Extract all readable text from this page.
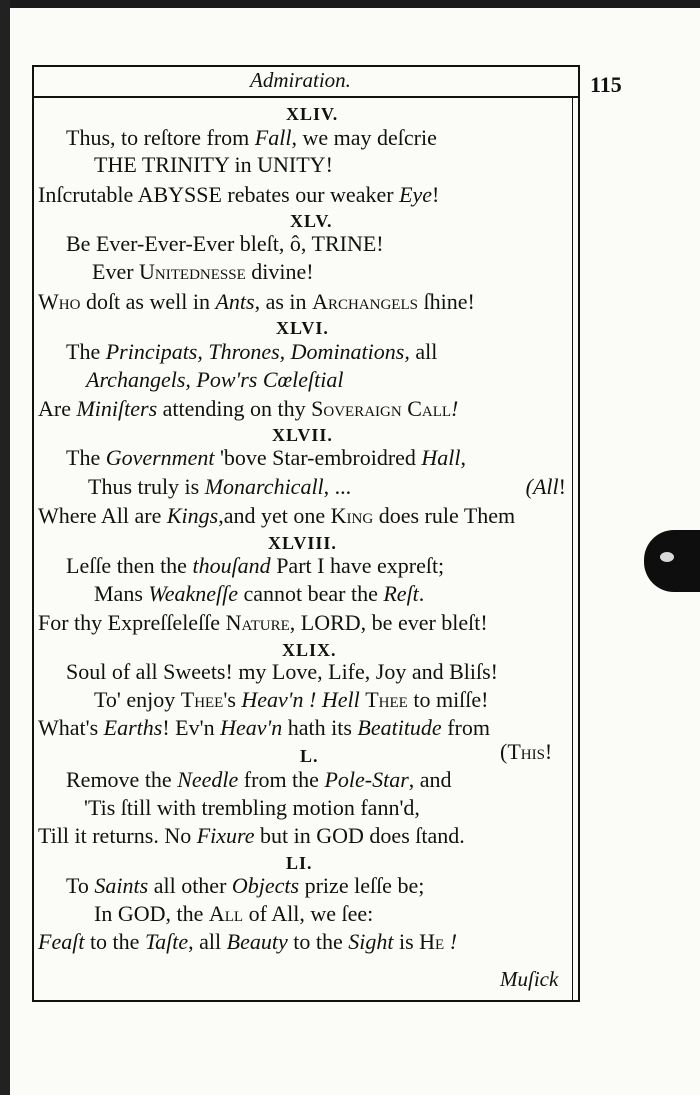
Admiration.	115
XLIV.
Thus, to reſtore from Fall, we may deſcrie
THE TRINITY in UNITY!
Inſcrutable ABYSSE rebates our weaker Eye!
XLV.
Be Ever-Ever-Ever bleſt, ô, TRINE!
Ever Unitednesse divine!
Who doſt as well in Ants, as in Archangels ſhine!
XLVI.
The Principats, Thrones, Dominations, all
Archangels, Pow'rs Cœleſtial
Are Miniſters attending on thy Soveraign Call!
XLVII.
The Government 'bove Star-embroidred Hall,
Thus truly is Monarchicall, ...	(All!
Where All are Kings,and yet one King does rule Them
XLVIII.
Leſſe then the thouſand Part I have expreſt;
Mans Weakneſſe cannot bear the Reſt.
For thy Expreſſeleſſe Nature, LORD, be ever bleſt!
XLIX.
Soul of all Sweets! my Love, Life, Joy and Bliſs!
To' enjoy Thee's Heav'n ! Hell Thee to miſſe!
What's Earths! Ev'n Heav'n hath its Beatitude from
L.	(This!
Remove the Needle from the Pole-Star, and
'Tis ſtill with trembling motion fann'd,
Till it returns. No Fixure but in GOD does ſtand.
LI.
To Saints all other Objects prize leſſe be;
In GOD, the All of All, we ſee:
Feaſt to the Taſte, all Beauty to the Sight is He !
Muſick
